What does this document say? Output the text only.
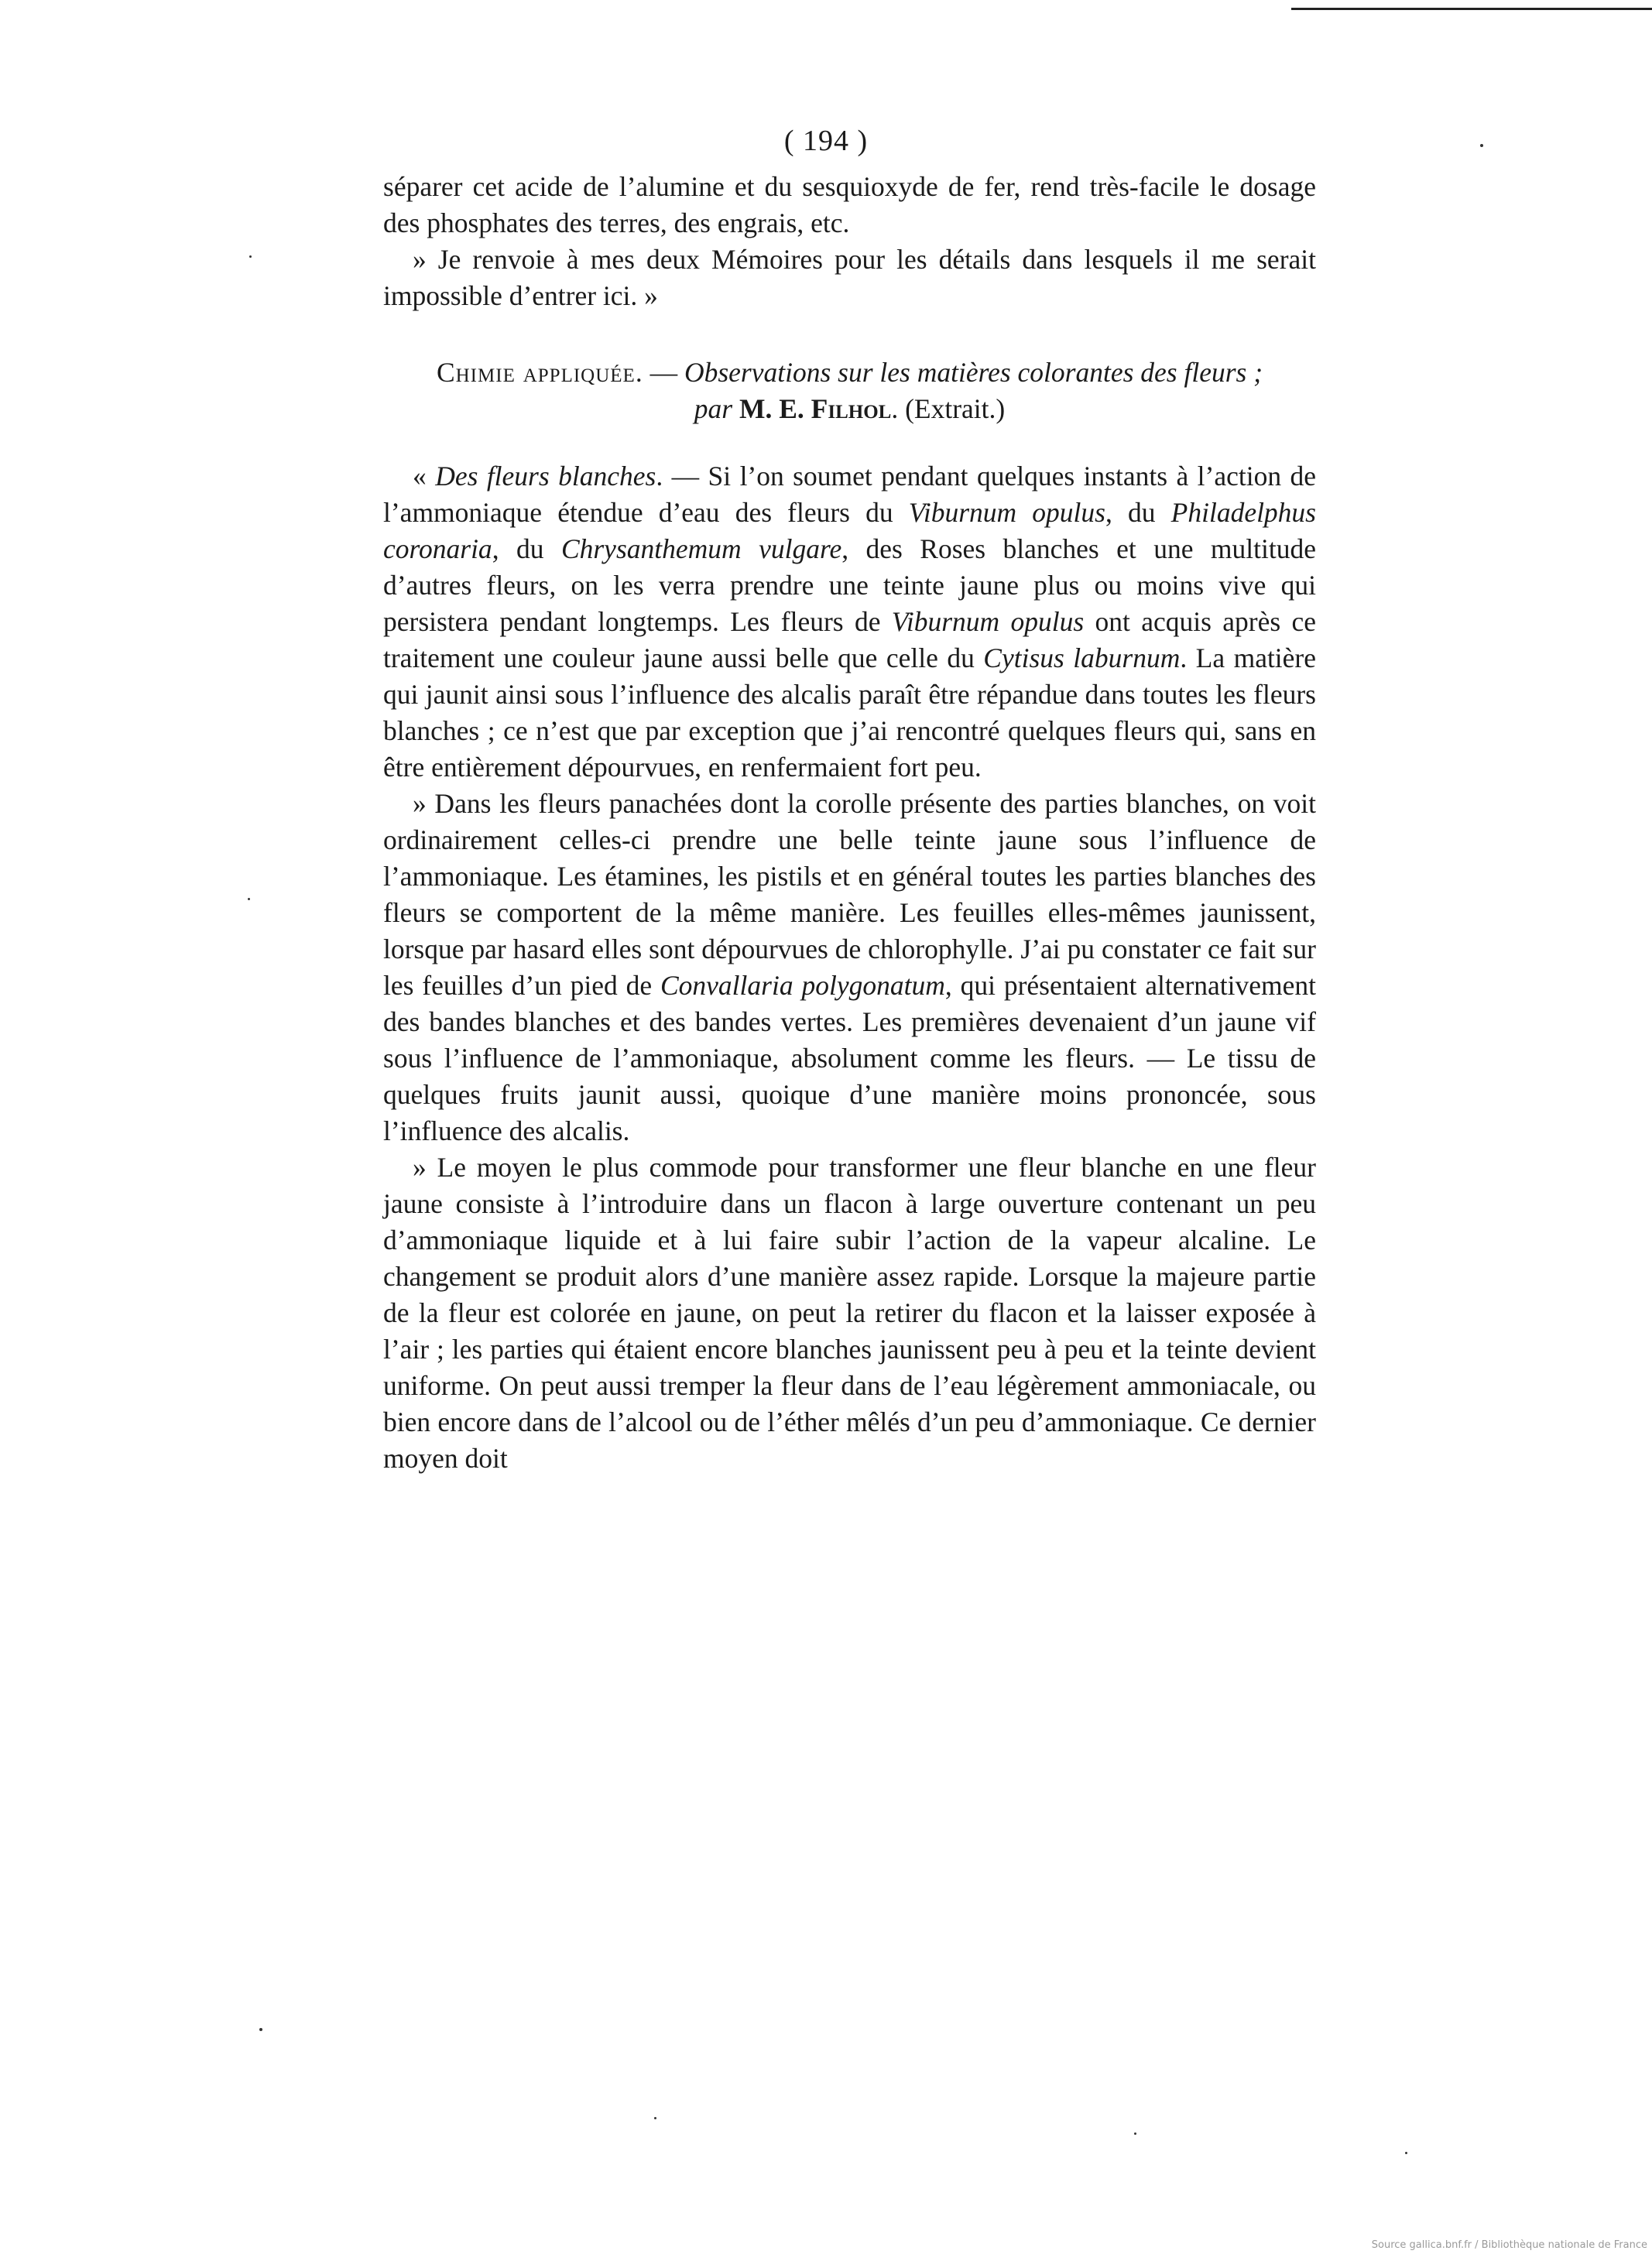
( 194 )

séparer cet acide de l’alumine et du sesquioxyde de fer, rend très-facile le dosage des phosphates des terres, des engrais, etc.

» Je renvoie à mes deux Mémoires pour les détails dans lesquels il me serait impossible d’entrer ici. »

Chimie appliquée. — Observations sur les matières colorantes des fleurs ;
par M. E. Filhol. (Extrait.)

« Des fleurs blanches. — Si l’on soumet pendant quelques instants à l’action de l’ammoniaque étendue d’eau des fleurs du Viburnum opulus, du Philadelphus coronaria, du Chrysanthemum vulgare, des Roses blanches et une multitude d’autres fleurs, on les verra prendre une teinte jaune plus ou moins vive qui persistera pendant longtemps. Les fleurs de Viburnum opulus ont acquis après ce traitement une couleur jaune aussi belle que celle du Cytisus laburnum. La matière qui jaunit ainsi sous l’influence des alcalis paraît être répandue dans toutes les fleurs blanches ; ce n’est que par exception que j’ai rencontré quelques fleurs qui, sans en être entièrement dépourvues, en renfermaient fort peu.

» Dans les fleurs panachées dont la corolle présente des parties blanches, on voit ordinairement celles-ci prendre une belle teinte jaune sous l’influence de l’ammoniaque. Les étamines, les pistils et en général toutes les parties blanches des fleurs se comportent de la même manière. Les feuilles elles-mêmes jaunissent, lorsque par hasard elles sont dépourvues de chlorophylle. J’ai pu constater ce fait sur les feuilles d’un pied de Convallaria polygonatum, qui présentaient alternativement des bandes blanches et des bandes vertes. Les premières devenaient d’un jaune vif sous l’influence de l’ammoniaque, absolument comme les fleurs. — Le tissu de quelques fruits jaunit aussi, quoique d’une manière moins prononcée, sous l’influence des alcalis.

» Le moyen le plus commode pour transformer une fleur blanche en une fleur jaune consiste à l’introduire dans un flacon à large ouverture contenant un peu d’ammoniaque liquide et à lui faire subir l’action de la vapeur alcaline. Le changement se produit alors d’une manière assez rapide. Lorsque la majeure partie de la fleur est colorée en jaune, on peut la retirer du flacon et la laisser exposée à l’air ; les parties qui étaient encore blanches jaunissent peu à peu et la teinte devient uniforme. On peut aussi tremper la fleur dans de l’eau légèrement ammoniacale, ou bien encore dans de l’alcool ou de l’éther mêlés d’un peu d’ammoniaque. Ce dernier moyen doit

Source gallica.bnf.fr / Bibliothèque nationale de France
